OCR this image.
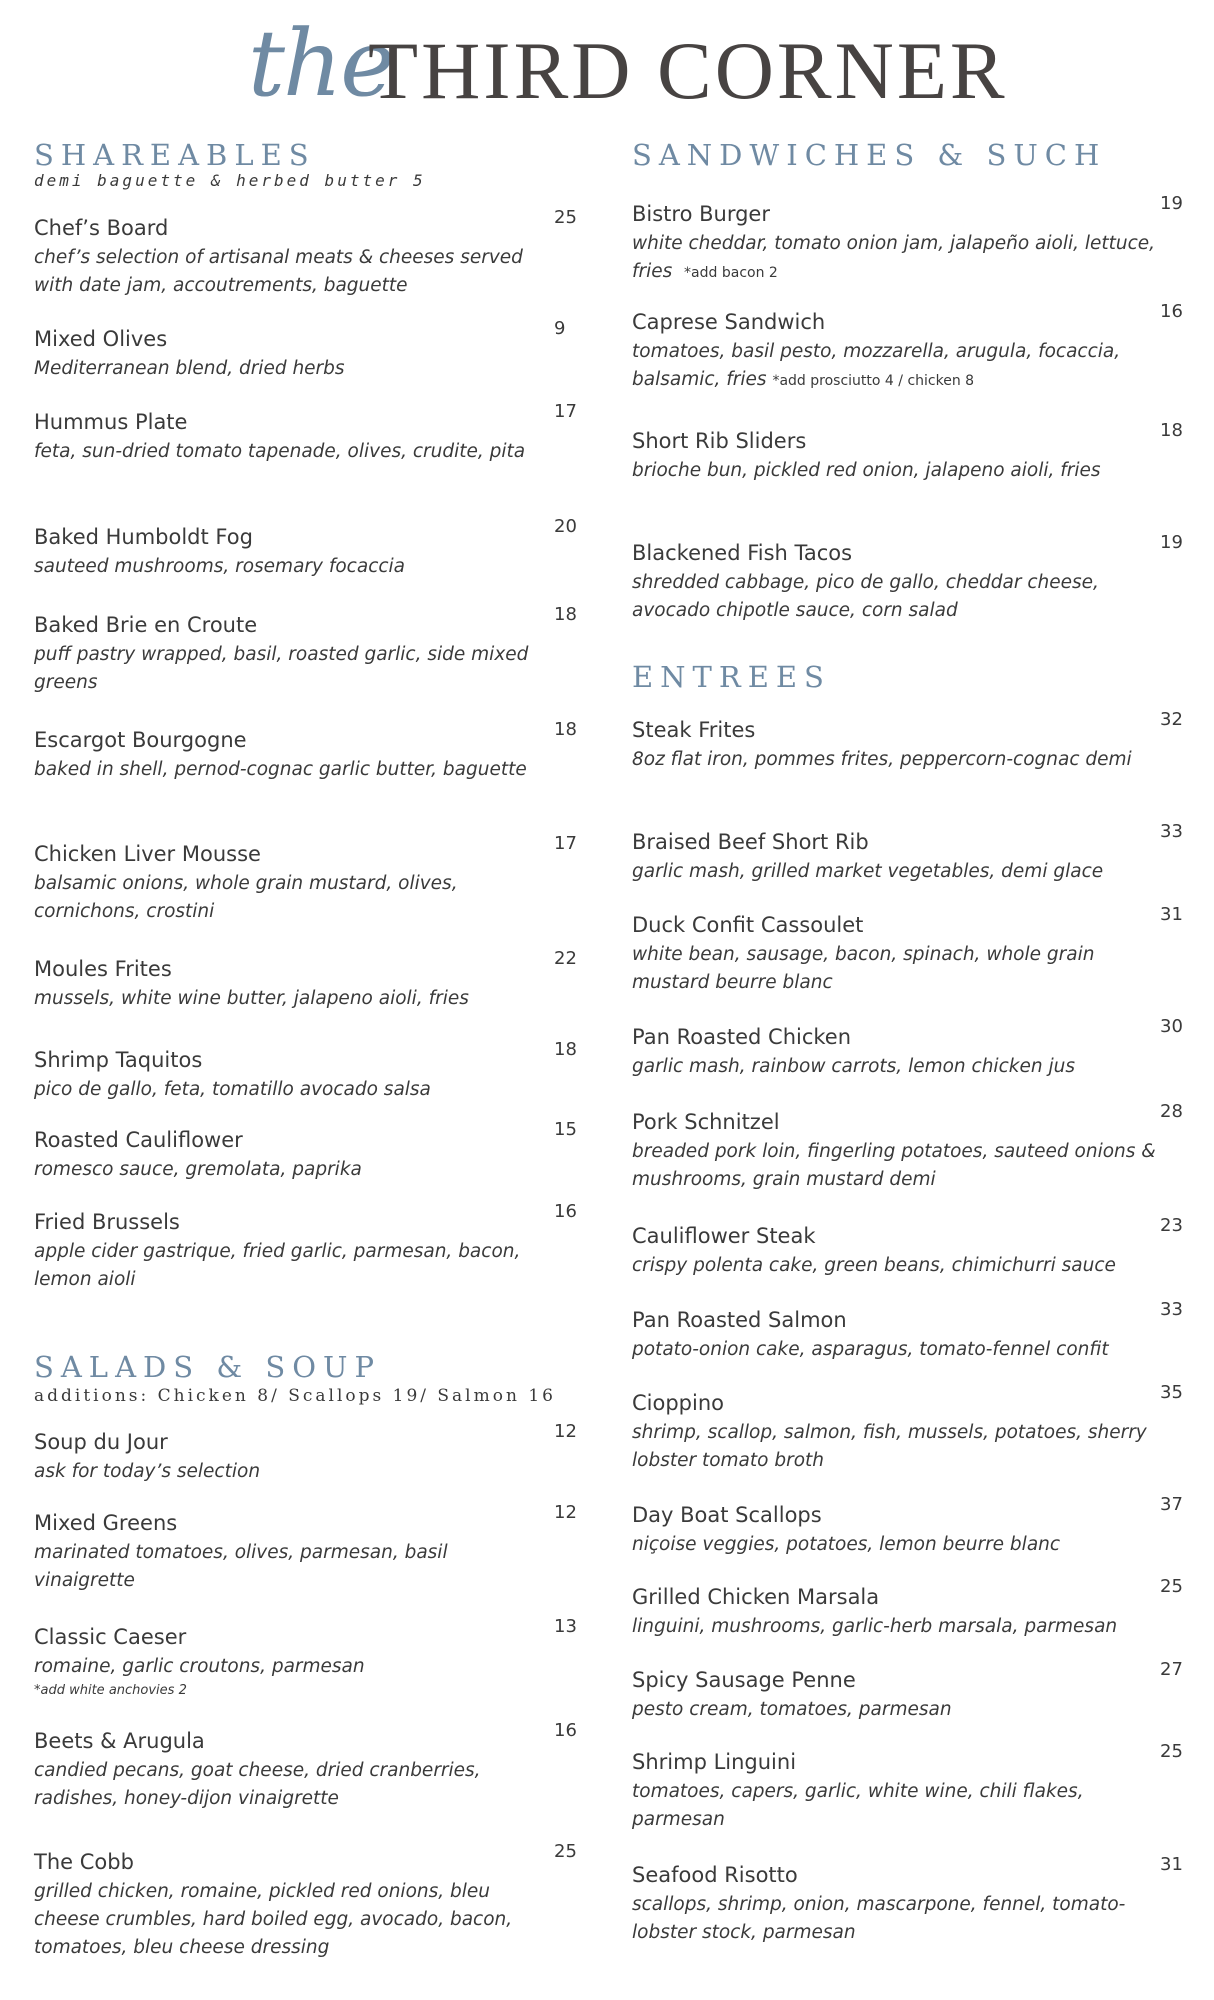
the
THIRD CORNER
SHAREABLES
demi baguette & herbed butter 5
Chef’s Board	25
chef’s selection of artisanal meats & cheeses served with date jam, accoutrements, baguette
Mixed Olives	9
Mediterranean blend, dried herbs
Hummus Plate	17
feta, sun-dried tomato tapenade, olives, crudite, pita
Baked Humboldt Fog	20
sauteed mushrooms, rosemary focaccia
Baked Brie en Croute	18
puff pastry wrapped, basil, roasted garlic, side mixed greens
Escargot Bourgogne	18
baked in shell, pernod-cognac garlic butter, baguette
Chicken Liver Mousse	17
balsamic onions, whole grain mustard, olives, cornichons, crostini
Moules Frites	22
mussels, white wine butter, jalapeno aioli, fries
Shrimp Taquitos	18
pico de gallo, feta, tomatillo avocado salsa
Roasted Cauliflower	15
romesco sauce, gremolata, paprika
Fried Brussels	16
apple cider gastrique, fried garlic, parmesan, bacon, lemon aioli
SALADS & SOUP
additions: Chicken 8/ Scallops 19/ Salmon 16
Soup du Jour	12
ask for today’s selection
Mixed Greens	12
marinated tomatoes, olives, parmesan, basil vinaigrette
Classic Caeser	13
romaine, garlic croutons, parmesan
*add white anchovies 2
Beets & Arugula	16
candied pecans, goat cheese, dried cranberries, radishes, honey-dijon vinaigrette
The Cobb	25
grilled chicken, romaine, pickled red onions, bleu cheese crumbles, hard boiled egg, avocado, bacon, tomatoes, bleu cheese dressing
SANDWICHES & SUCH
Bistro Burger	19
white cheddar, tomato onion jam, jalapeño aioli, lettuce, fries *add bacon 2
Caprese Sandwich	16
tomatoes, basil pesto, mozzarella, arugula, focaccia, balsamic, fries *add prosciutto 4 / chicken 8
Short Rib Sliders	18
brioche bun, pickled red onion, jalapeno aioli, fries
Blackened Fish Tacos	19
shredded cabbage, pico de gallo, cheddar cheese, avocado chipotle sauce, corn salad
ENTREES
Steak Frites	32
8oz flat iron, pommes frites, peppercorn-cognac demi
Braised Beef Short Rib	33
garlic mash, grilled market vegetables, demi glace
Duck Confit Cassoulet	31
white bean, sausage, bacon, spinach, whole grain mustard beurre blanc
Pan Roasted Chicken	30
garlic mash, rainbow carrots, lemon chicken jus
Pork Schnitzel	28
breaded pork loin, fingerling potatoes, sauteed onions & mushrooms, grain mustard demi
Cauliflower Steak	23
crispy polenta cake, green beans, chimichurri sauce
Pan Roasted Salmon	33
potato-onion cake, asparagus, tomato-fennel confit
Cioppino	35
shrimp, scallop, salmon, fish, mussels, potatoes, sherry lobster tomato broth
Day Boat Scallops	37
niçoise veggies, potatoes, lemon beurre blanc
Grilled Chicken Marsala	25
linguini, mushrooms, garlic-herb marsala, parmesan
Spicy Sausage Penne	27
pesto cream, tomatoes, parmesan
Shrimp Linguini	25
tomatoes, capers, garlic, white wine, chili flakes, parmesan
Seafood Risotto	31
scallops, shrimp, onion, mascarpone, fennel, tomato-lobster stock, parmesan
